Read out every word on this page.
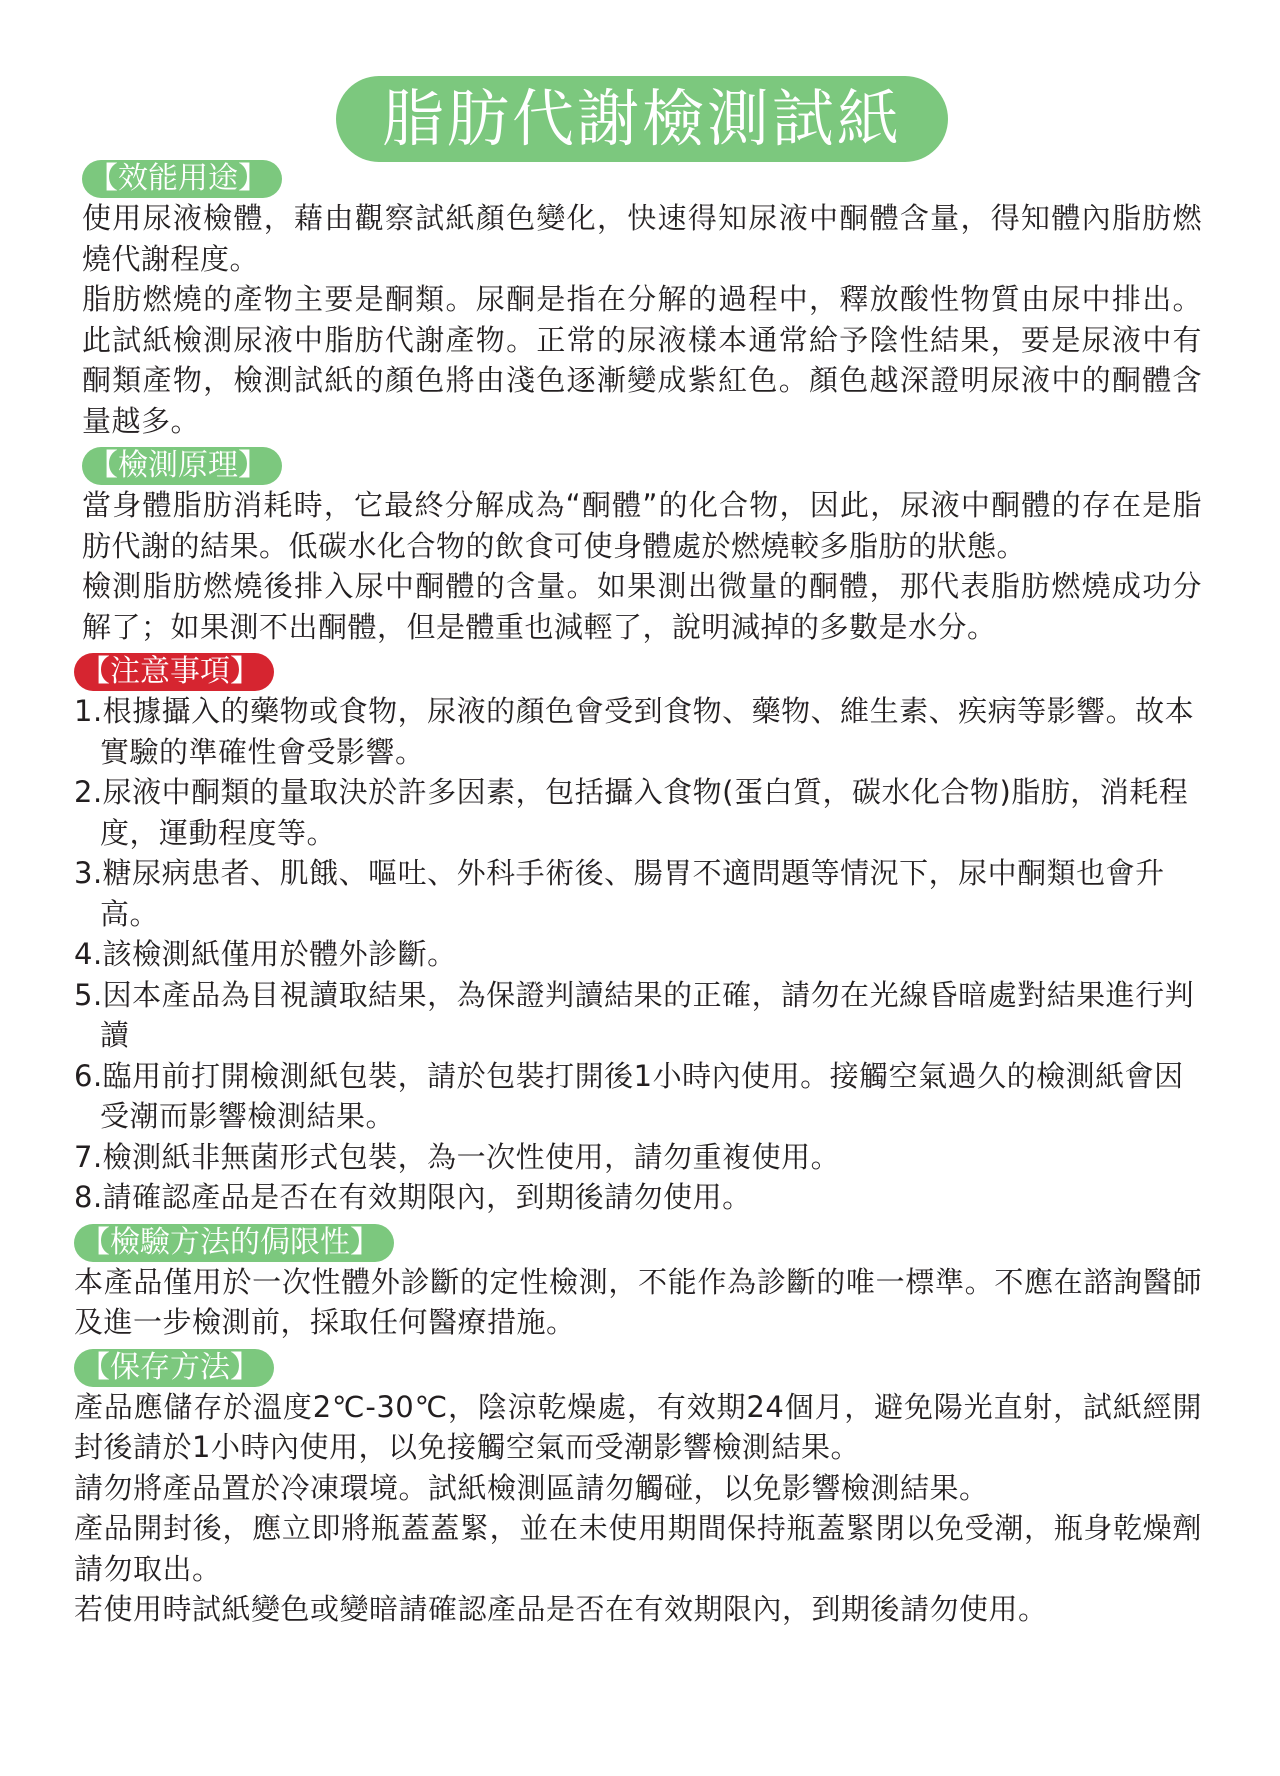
脂肪代謝檢測試紙
【效能用途】

使用尿液檢體，藉由觀察試紙顏色變化，快速得知尿液中酮體含量，得知體內脂肪燃燒代謝程度。

脂肪燃燒的產物主要是酮類。尿酮是指在分解的過程中，釋放酸性物質由尿中排出。此試紙檢測尿液中脂肪代謝產物。正常的尿液樣本通常給予陰性結果，要是尿液中有酮類產物，檢測試紙的顏色將由淺色逐漸變成紫紅色。顏色越深證明尿液中的酮體含量越多。

【檢測原理】

當身體脂肪消耗時，它最終分解成為“酮體”的化合物，因此，尿液中酮體的存在是脂肪代謝的結果。低碳水化合物的飲食可使身體處於燃燒較多脂肪的狀態。

檢測脂肪燃燒後排入尿中酮體的含量。如果測出微量的酮體，那代表脂肪燃燒成功分解了；如果測不出酮體，但是體重也減輕了，說明減掉的多數是水分。

【注意事項】
1.根據攝入的藥物或食物，尿液的顏色會受到食物、藥物、維生素、疾病等影響。故本實驗的準確性會受影響。
2.尿液中酮類的量取決於許多因素，包括攝入食物(蛋白質，碳水化合物)脂肪，消耗程度，運動程度等。
3.糖尿病患者、肌餓、嘔吐、外科手術後、腸胃不適問題等情況下，尿中酮類也會升高。
4.該檢測紙僅用於體外診斷。
5.因本產品為目視讀取結果，為保證判讀結果的正確，請勿在光線昏暗處對結果進行判讀
6.臨用前打開檢測紙包裝，請於包裝打開後1小時內使用。接觸空氣過久的檢測紙會因受潮而影響檢測結果。
7.檢測紙非無菌形式包裝，為一次性使用，請勿重複使用。
8.請確認產品是否在有效期限內，到期後請勿使用。
【檢驗方法的侷限性】

本產品僅用於一次性體外診斷的定性檢測，不能作為診斷的唯一標準。不應在諮詢醫師及進一步檢測前，採取任何醫療措施。

【保存方法】

產品應儲存於溫度2℃-30℃，陰涼乾燥處，有效期24個月，避免陽光直射，試紙經開封後請於1小時內使用，以免接觸空氣而受潮影響檢測結果。

請勿將產品置於冷凍環境。試紙檢測區請勿觸碰，以免影響檢測結果。

產品開封後，應立即將瓶蓋蓋緊，並在未使用期間保持瓶蓋緊閉以免受潮，瓶身乾燥劑請勿取出。

若使用時試紙變色或變暗請確認產品是否在有效期限內，到期後請勿使用。
